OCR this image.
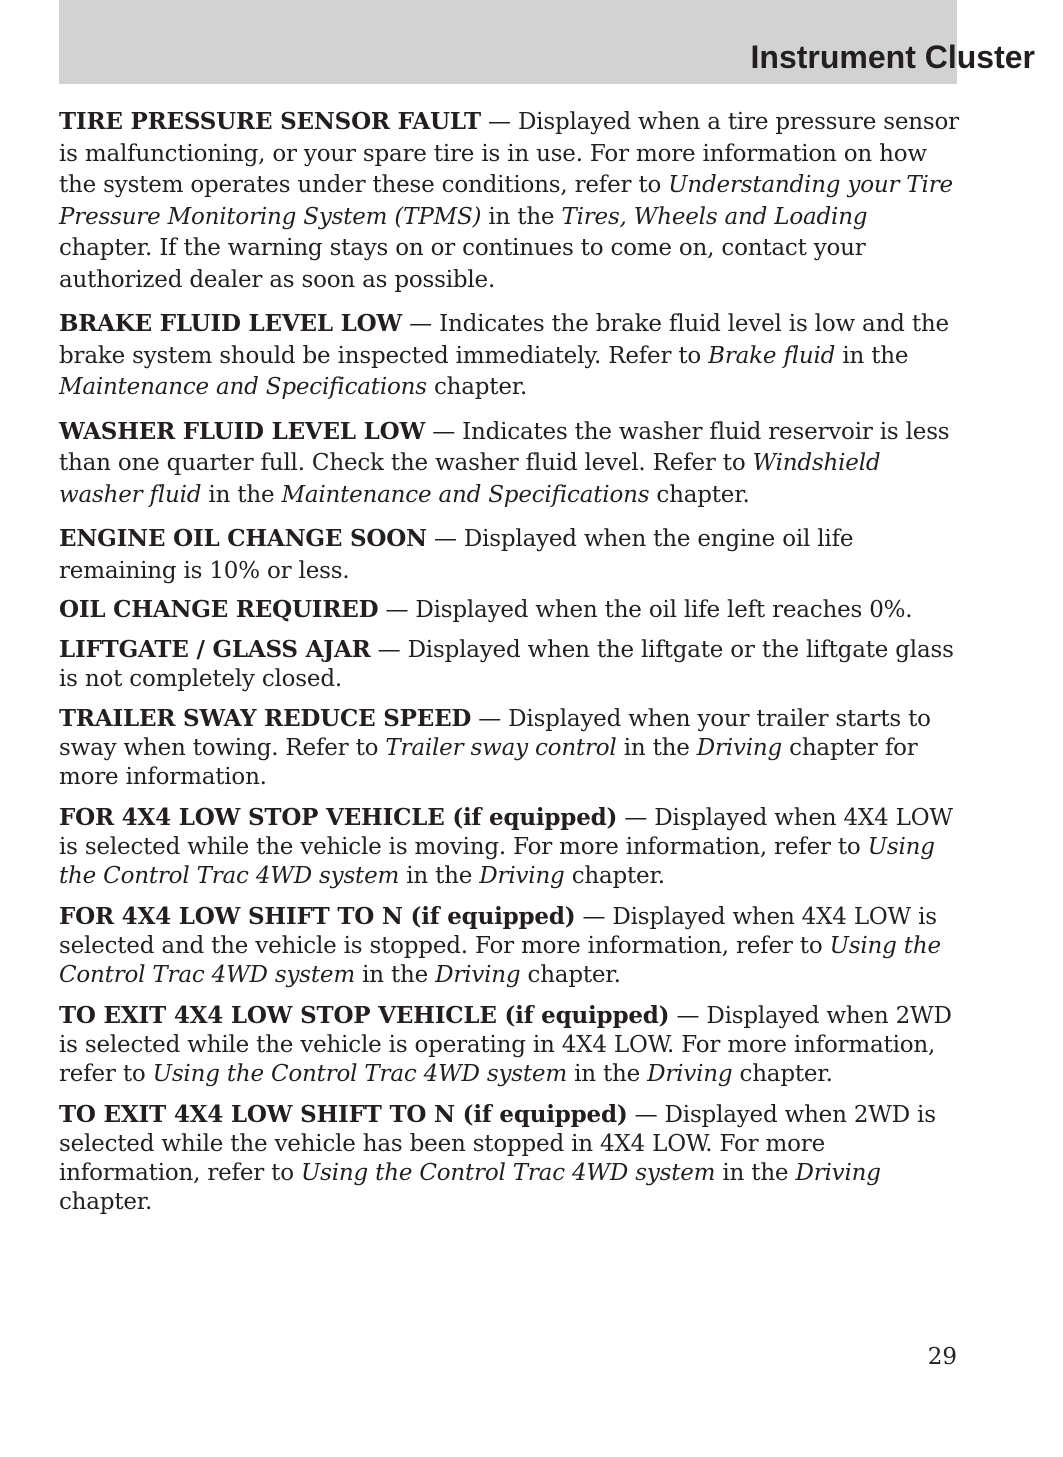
Instrument Cluster

TIRE PRESSURE SENSOR FAULT — Displayed when a tire pressure sensor is malfunctioning, or your spare tire is in use. For more information on how the system operates under these conditions, refer to Understanding your Tire Pressure Monitoring System (TPMS) in the Tires, Wheels and Loading chapter. If the warning stays on or continues to come on, contact your authorized dealer as soon as possible.

BRAKE FLUID LEVEL LOW — Indicates the brake fluid level is low and the brake system should be inspected immediately. Refer to Brake fluid in the Maintenance and Specifications chapter.

WASHER FLUID LEVEL LOW — Indicates the washer fluid reservoir is less than one quarter full. Check the washer fluid level. Refer to Windshield washer fluid in the Maintenance and Specifications chapter.

ENGINE OIL CHANGE SOON — Displayed when the engine oil life remaining is 10% or less.

OIL CHANGE REQUIRED — Displayed when the oil life left reaches 0%.

LIFTGATE / GLASS AJAR — Displayed when the liftgate or the liftgate glass is not completely closed.

TRAILER SWAY REDUCE SPEED — Displayed when your trailer starts to sway when towing. Refer to Trailer sway control in the Driving chapter for more information.

FOR 4X4 LOW STOP VEHICLE (if equipped) — Displayed when 4X4 LOW is selected while the vehicle is moving. For more information, refer to Using the Control Trac 4WD system in the Driving chapter.

FOR 4X4 LOW SHIFT TO N (if equipped) — Displayed when 4X4 LOW is selected and the vehicle is stopped. For more information, refer to Using the Control Trac 4WD system in the Driving chapter.

TO EXIT 4X4 LOW STOP VEHICLE (if equipped) — Displayed when 2WD is selected while the vehicle is operating in 4X4 LOW. For more information, refer to Using the Control Trac 4WD system in the Driving chapter.

TO EXIT 4X4 LOW SHIFT TO N (if equipped) — Displayed when 2WD is selected while the vehicle has been stopped in 4X4 LOW. For more information, refer to Using the Control Trac 4WD system in the Driving chapter.

29
